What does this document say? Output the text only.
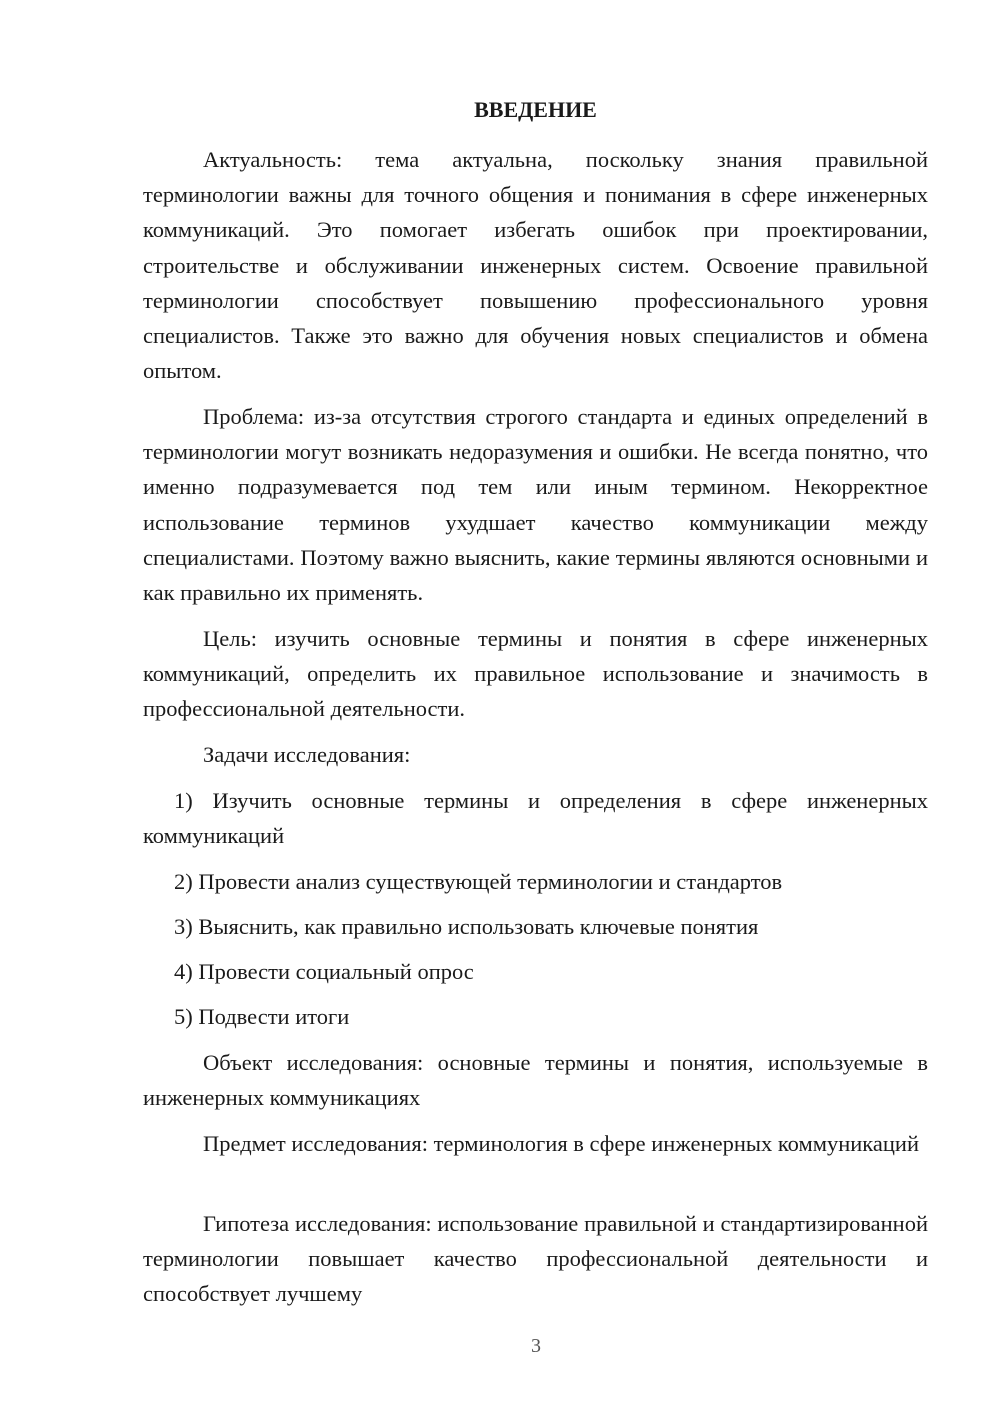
ВВЕДЕНИЕ

Актуальность: тема актуальна, поскольку знания правильной терминологии важны для точного общения и понимания в сфере инженерных коммуникаций. Это помогает избегать ошибок при проектировании, строительстве и обслуживании инженерных систем. Освоение правильной терминологии способствует повышению профессионального уровня специалистов. Также это важно для обучения новых специалистов и обмена опытом.

Проблема: из-за отсутствия строгого стандарта и единых определений в терминологии могут возникать недоразумения и ошибки. Не всегда понятно, что именно подразумевается под тем или иным термином. Некорректное использование терминов ухудшает качество коммуникации между специалистами. Поэтому важно выяснить, какие термины являются основными и как правильно их применять.

Цель: изучить основные термины и понятия в сфере инженерных коммуникаций, определить их правильное использование и значимость в профессиональной деятельности.

Задачи исследования:

1) Изучить основные термины и определения в сфере инженерных коммуникаций

2) Провести анализ существующей терминологии и стандартов

3) Выяснить, как правильно использовать ключевые понятия

4) Провести социальный опрос

5) Подвести итоги

Объект исследования: основные термины и понятия, используемые в инженерных коммуникациях

Предмет исследования: терминология в сфере инженерных коммуникаций

Гипотеза исследования: использование правильной и стандартизированной терминологии повышает качество профессиональной деятельности и способствует лучшему

3
